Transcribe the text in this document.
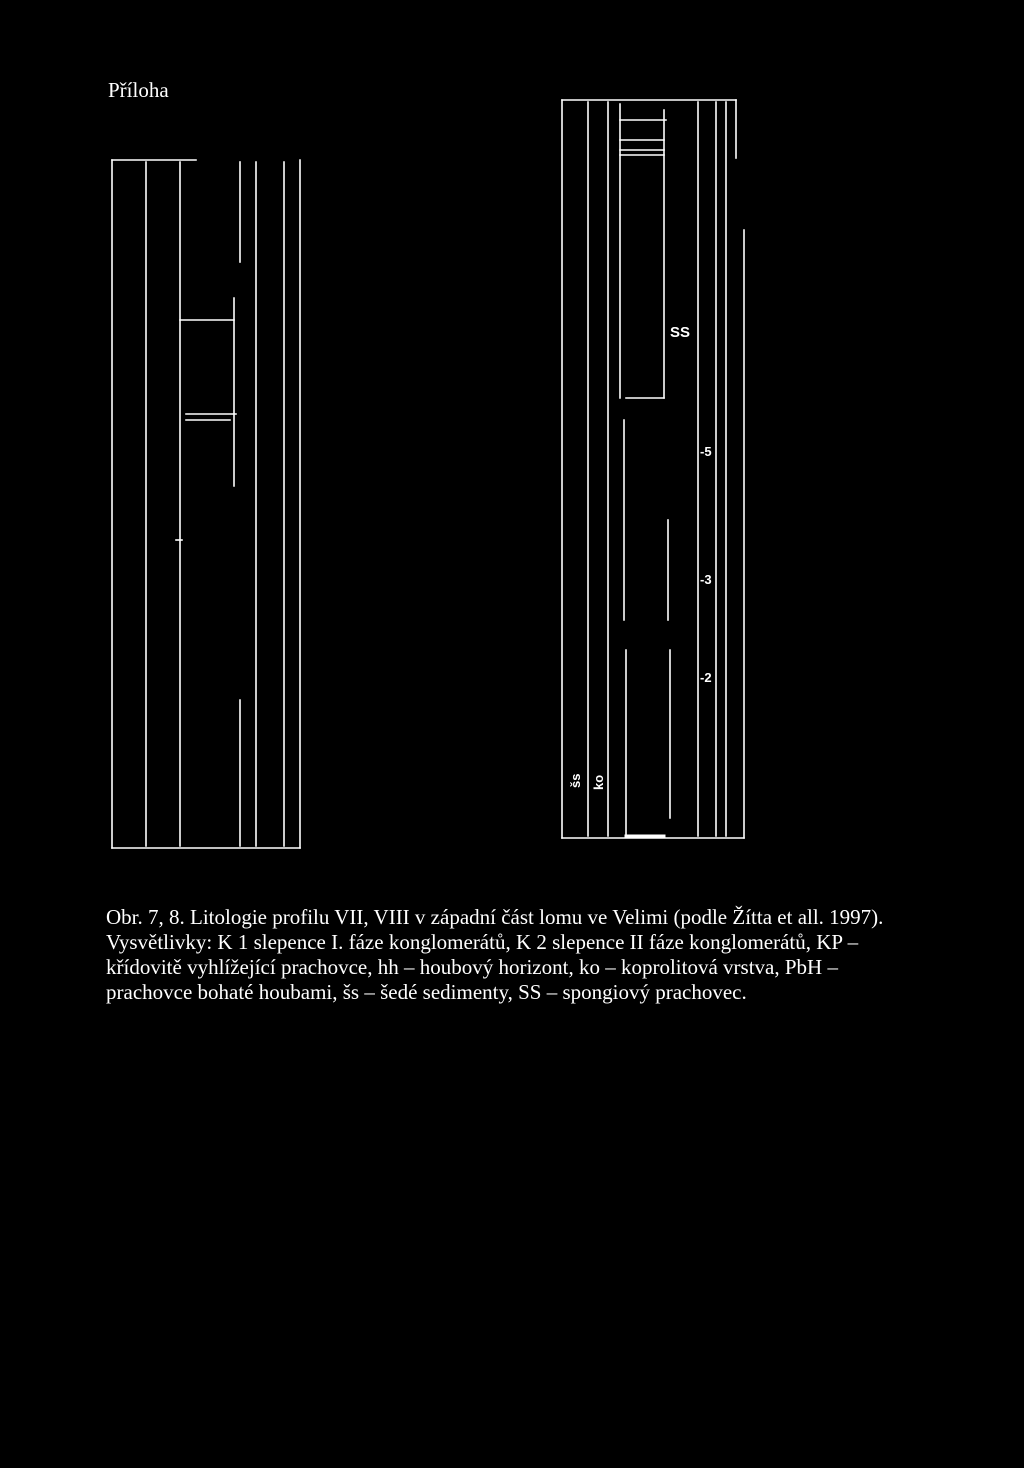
Příloha
SS
-5
-3
-2
šs ko
Obr. 7, 8. Litologie profilu VII, VIII v západní část lomu ve Velimi (podle Žítta et all. 1997).
Vysvětlivky: K 1 slepence I. fáze konglomerátů, K 2 slepence II fáze konglomerátů, KP –
křídovitě vyhlížející prachovce, hh – houbový horizont, ko – koprolitová vrstva, PbH –
prachovce bohaté houbami, šs – šedé sedimenty, SS – spongiový prachovec.
